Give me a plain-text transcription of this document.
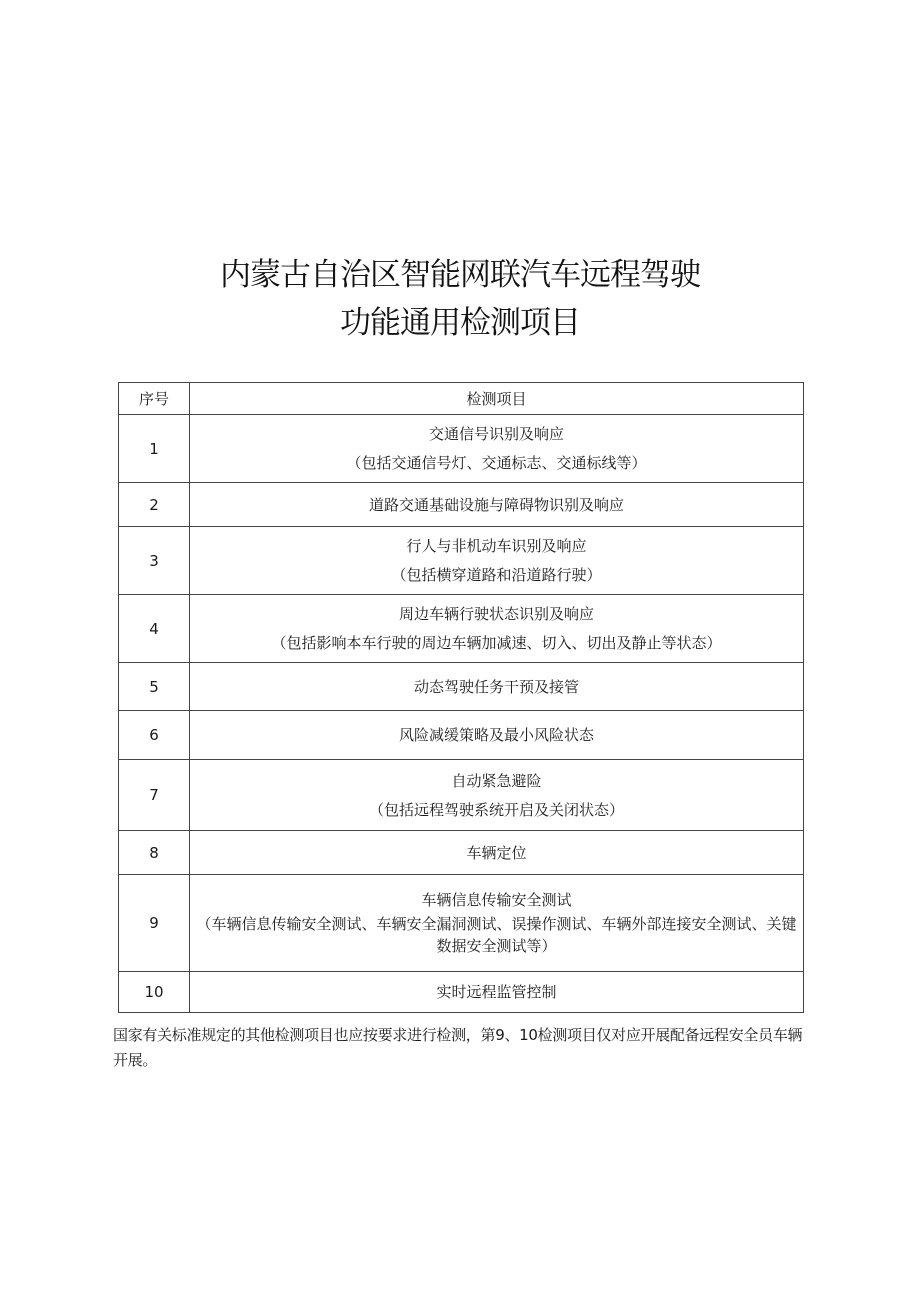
内蒙古自治区智能网联汽车远程驾驶
功能通用检测项目
序号	检测项目
1	交通信号识别及响应
（包括交通信号灯、交通标志、交通标线等）

2	道路交通基础设施与障碍物识别及响应
3	行人与非机动车识别及响应
（包括横穿道路和沿道路行驶）

4	周边车辆行驶状态识别及响应
（包括影响本车行驶的周边车辆加减速、切入、切出及静止等状态）

5	动态驾驶任务干预及接管
6	风险减缓策略及最小风险状态
7	自动紧急避险
（包括远程驾驶系统开启及关闭状态）

8	车辆定位
9	车辆信息传输安全测试
（车辆信息传输安全测试、车辆安全漏洞测试、误操作测试、车辆外部连接安全测试、关键数据安全测试等）

10	实时远程监管控制
国家有关标准规定的其他检测项目也应按要求进行检测，第9、10检测项目仅对应开展配备远程安全员车辆开展。
